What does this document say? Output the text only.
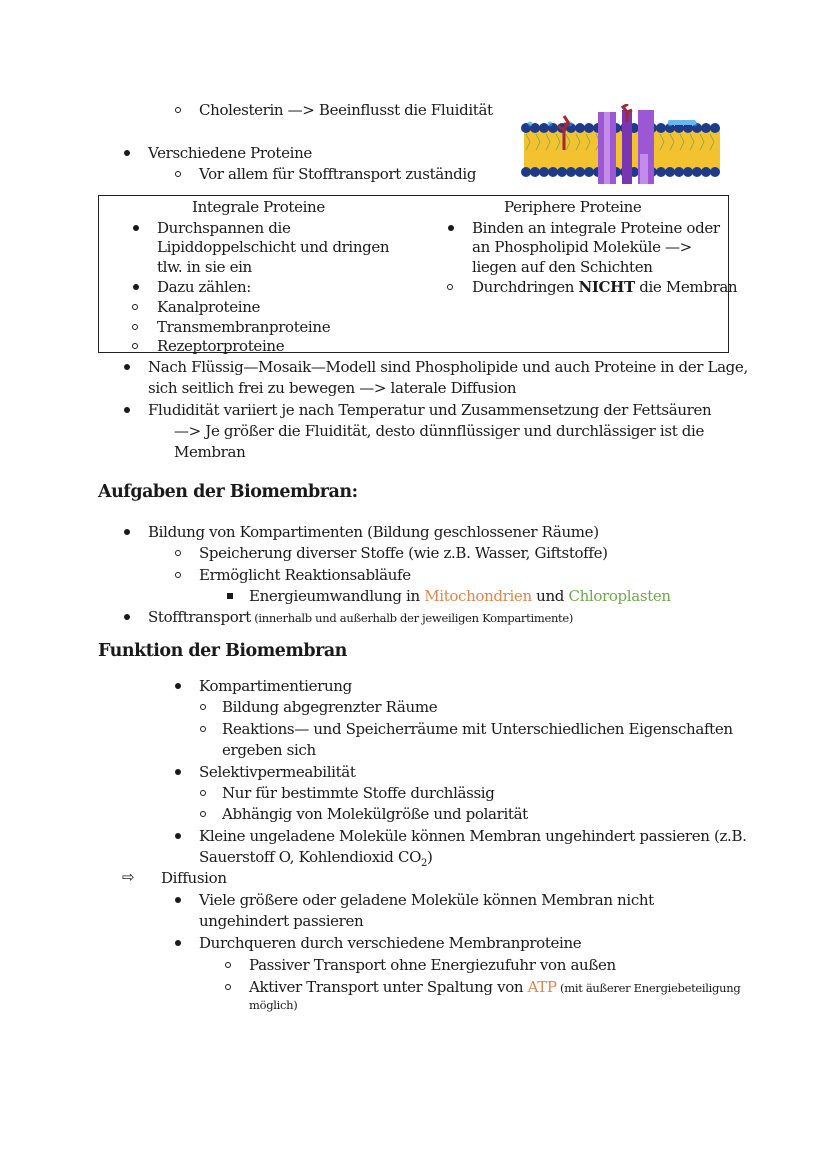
Cholesterin —> Beeinflusst die Fluidität
Verschiedene Proteine
Vor allem für Stofftransport zuständig
Integrale Proteine
Durchspannen die
Lipiddoppelschicht und dringen
tlw. in sie ein
Dazu zählen:
Kanalproteine
Transmembranproteine
Rezeptorproteine
Periphere Proteine
Binden an integrale Proteine oder
an Phospholipid Moleküle —>
liegen auf den Schichten
Durchdringen NICHT die Membran
Nach Flüssig—Mosaik—Modell sind Phospholipide und auch Proteine in der Lage,
sich seitlich frei zu bewegen —> laterale Diffusion
Fludidität variiert je nach Temperatur und Zusammensetzung der Fettsäuren
—> Je größer die Fluidität, desto dünnflüssiger und durchlässiger ist die
Membran
Aufgaben der Biomembran:
Bildung von Kompartimenten (Bildung geschlossener Räume)
Speicherung diverser Stoffe (wie z.B. Wasser, Giftstoffe)
Ermöglicht Reaktionsabläufe
Energieumwandlung in Mitochondrien und Chloroplasten
Stofftransport (innerhalb und außerhalb der jeweiligen Kompartimente)
Funktion der Biomembran
Kompartimentierung
Bildung abgegrenzter Räume
Reaktions— und Speicherräume mit Unterschiedlichen Eigenschaften
ergeben sich
Selektivpermeabilität
Nur für bestimmte Stoffe durchlässig
Abhängig von Molekülgröße und polarität
Kleine ungeladene Moleküle können Membran ungehindert passieren (z.B.
Sauerstoff O, Kohlendioxid $CO_2$)
⇨ Diffusion
Viele größere oder geladene Moleküle können Membran nicht
ungehindert passieren
Durchqueren durch verschiedene Membranproteine
Passiver Transport ohne Energiezufuhr von außen
Aktiver Transport unter Spaltung von ATP (mit äußerer Energiebeteiligung
möglich)
